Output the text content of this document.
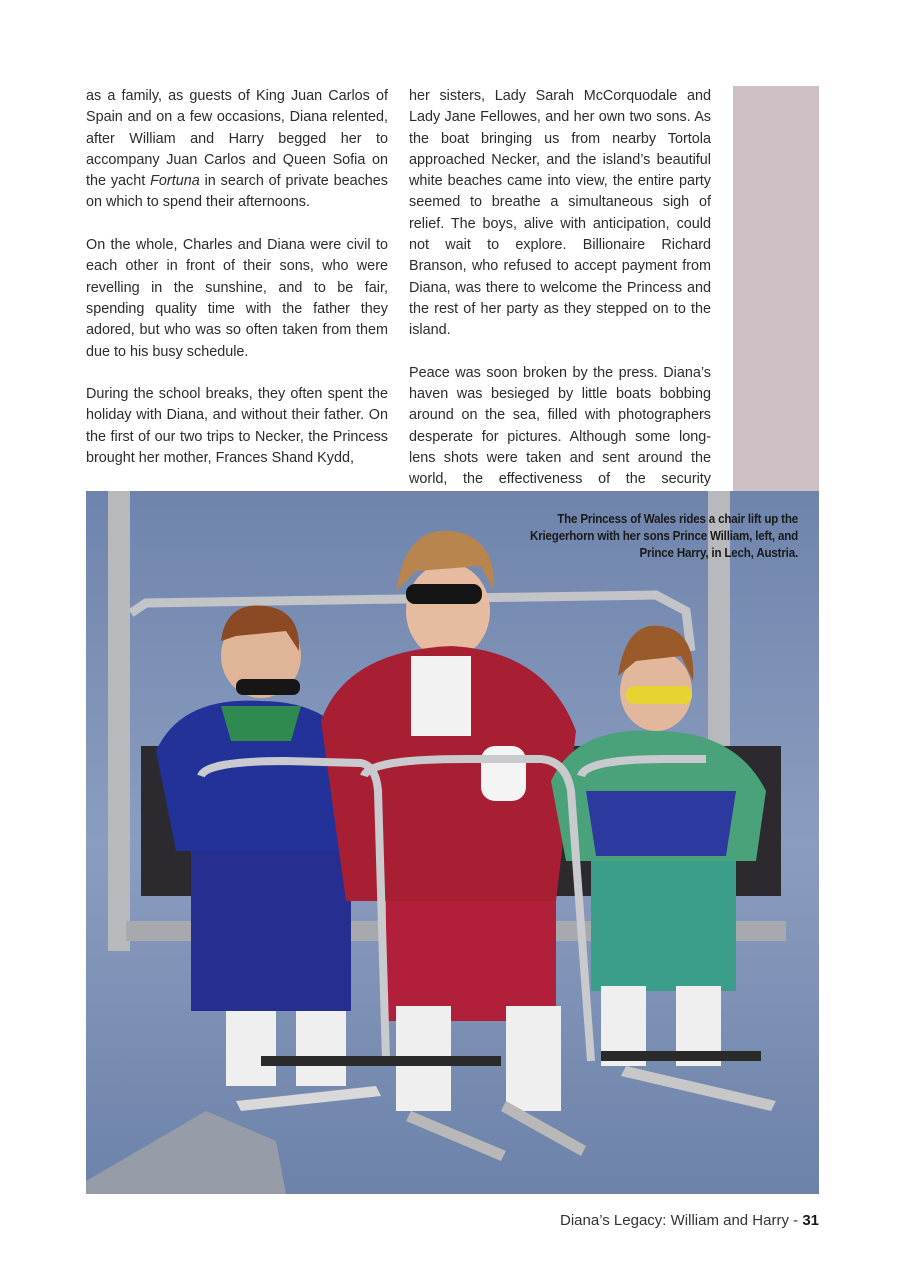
as a family, as guests of King Juan Carlos of Spain and on a few occasions, Diana relented, after William and Harry begged her to accompany Juan Carlos and Queen Sofia on the yacht Fortuna in search of private beaches on which to spend their afternoons.

On the whole, Charles and Diana were civil to each other in front of their sons, who were revelling in the sunshine, and to be fair, spending quality time with the father they adored, but who was so often taken from them due to his busy schedule.

During the school breaks, they often spent the holiday with Diana, and without their father. On the first of our two trips to Necker, the Princess brought her mother, Frances Shand Kydd,

her sisters, Lady Sarah McCorquodale and Lady Jane Fellowes, and her own two sons. As the boat bringing us from nearby Tortola approached Necker, and the island’s beautiful white beaches came into view, the entire party seemed to breathe a simultaneous sigh of relief. The boys, alive with anticipation, could not wait to explore. Billionaire Richard Branson, who refused to accept payment from Diana, was there to welcome the Princess and the rest of her party as they stepped on to the island.

Peace was soon broken by the press. Diana’s haven was besieged by little boats bobbing around on the sea, filled with photographers desperate for pictures. Although some long-lens shots were taken and sent around the world, the effectiveness of the security

The Princess of Wales rides a chair lift up the Kriegerhorn with her sons Prince William, left, and Prince Harry, in Lech, Austria.
Diana’s Legacy: William and Harry - 31
